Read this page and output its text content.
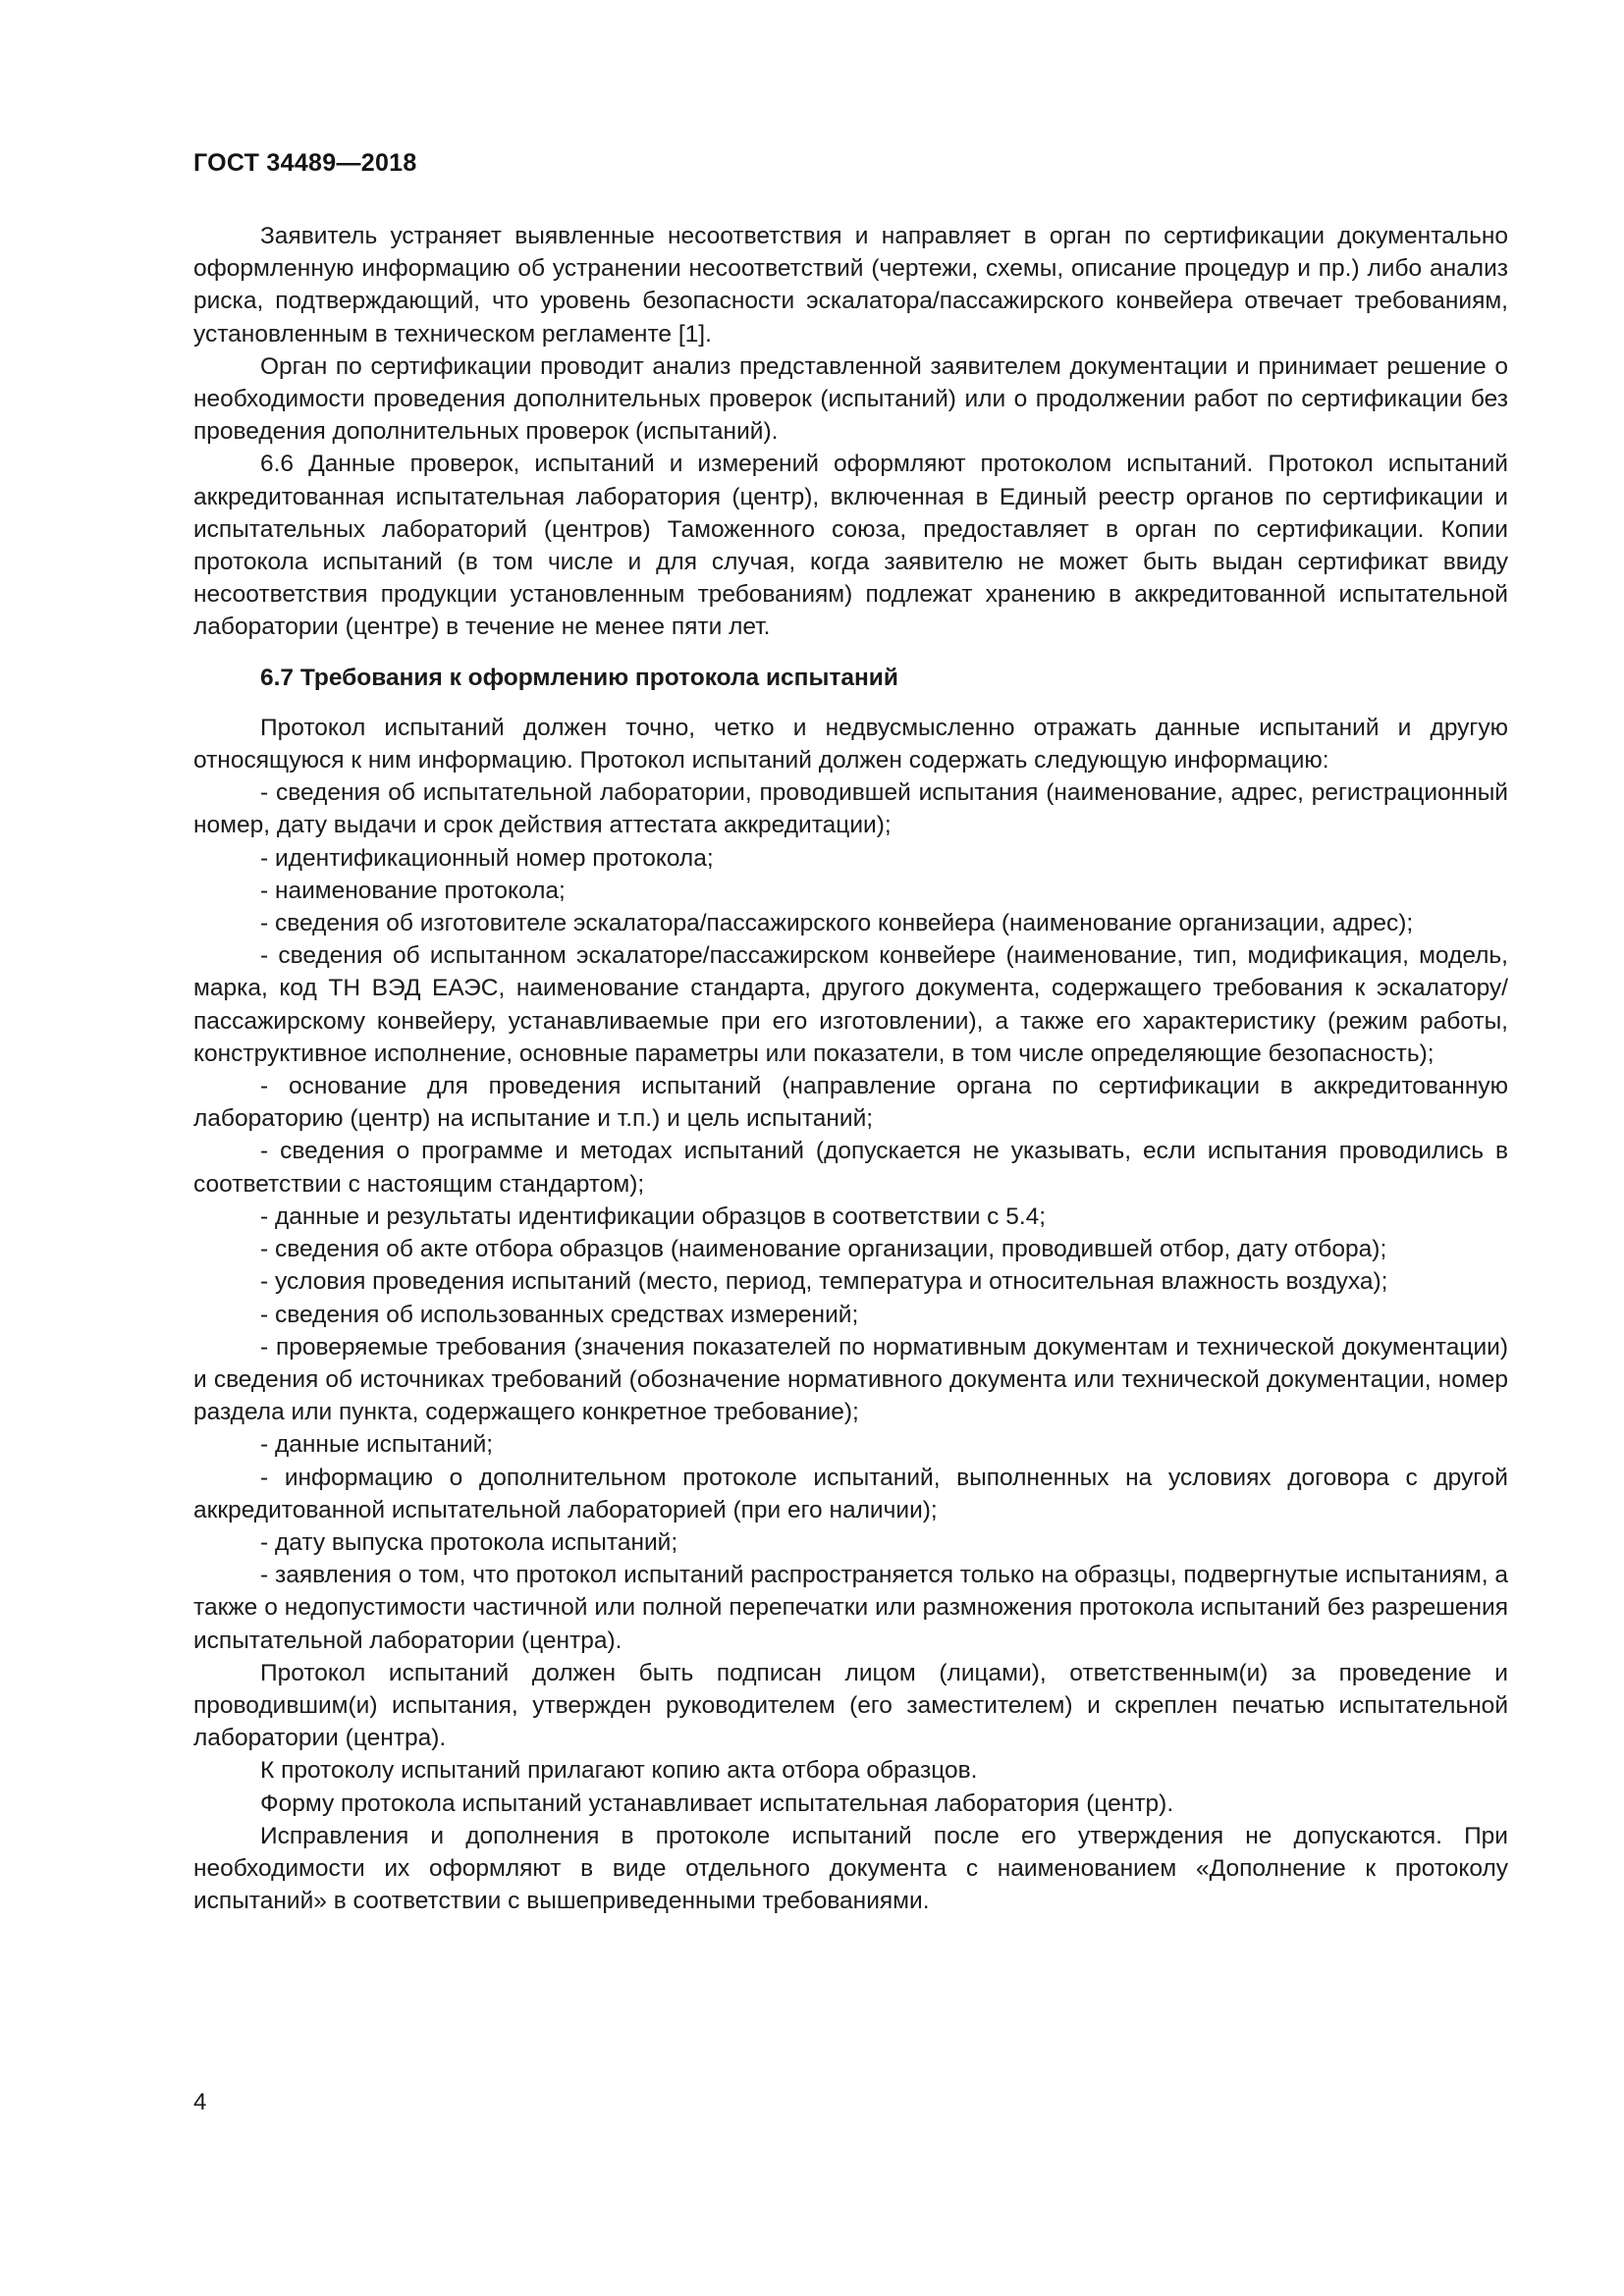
ГОСТ 34489—2018

Заявитель устраняет выявленные несоответствия и направляет в орган по сертификации документально оформленную информацию об устранении несоответствий (чертежи, схемы, описание процедур и пр.) либо анализ риска, подтверждающий, что уровень безопасности эскалатора/пассажирского конвейера отвечает требованиям, установленным в техническом регламенте [1].

Орган по сертификации проводит анализ представленной заявителем документации и принимает решение о необходимости проведения дополнительных проверок (испытаний) или о продолжении работ по сертификации без проведения дополнительных проверок (испытаний).

6.6 Данные проверок, испытаний и измерений оформляют протоколом испытаний. Протокол испытаний аккредитованная испытательная лаборатория (центр), включенная в Единый реестр органов по сертификации и испытательных лабораторий (центров) Таможенного союза, предоставляет в орган по сертификации. Копии протокола испытаний (в том числе и для случая, когда заявителю не может быть выдан сертификат ввиду несоответствия продукции установленным требованиям) подлежат хранению в аккредитованной испытательной лаборатории (центре) в течение не менее пяти лет.

6.7 Требования к оформлению протокола испытаний

Протокол испытаний должен точно, четко и недвусмысленно отражать данные испытаний и другую относящуюся к ним информацию. Протокол испытаний должен содержать следующую информацию:

- сведения об испытательной лаборатории, проводившей испытания (наименование, адрес, регистрационный номер, дату выдачи и срок действия аттестата аккредитации);

- идентификационный номер протокола;

- наименование протокола;

- сведения об изготовителе эскалатора/пассажирского конвейера (наименование организации, адрес);

- сведения об испытанном эскалаторе/пассажирском конвейере (наименование, тип, модификация, модель, марка, код ТН ВЭД ЕАЭС, наименование стандарта, другого документа, содержащего требования к эскалатору/пассажирскому конвейеру, устанавливаемые при его изготовлении), а также его характеристику (режим работы, конструктивное исполнение, основные параметры или показатели, в том числе определяющие безопасность);

- основание для проведения испытаний (направление органа по сертификации в аккредитованную лабораторию (центр) на испытание и т.п.) и цель испытаний;

- сведения о программе и методах испытаний (допускается не указывать, если испытания проводились в соответствии с настоящим стандартом);

- данные и результаты идентификации образцов в соответствии с 5.4;

- сведения об акте отбора образцов (наименование организации, проводившей отбор, дату отбора);

- условия проведения испытаний (место, период, температура и относительная влажность воздуха);

- сведения об использованных средствах измерений;

- проверяемые требования (значения показателей по нормативным документам и технической документации) и сведения об источниках требований (обозначение нормативного документа или технической документации, номер раздела или пункта, содержащего конкретное требование);

- данные испытаний;

- информацию о дополнительном протоколе испытаний, выполненных на условиях договора с другой аккредитованной испытательной лабораторией (при его наличии);

- дату выпуска протокола испытаний;

- заявления о том, что протокол испытаний распространяется только на образцы, подвергнутые испытаниям, а также о недопустимости частичной или полной перепечатки или размножения протокола испытаний без разрешения испытательной лаборатории (центра).

Протокол испытаний должен быть подписан лицом (лицами), ответственным(и) за проведение и проводившим(и) испытания, утвержден руководителем (его заместителем) и скреплен печатью испытательной лаборатории (центра).

К протоколу испытаний прилагают копию акта отбора образцов.

Форму протокола испытаний устанавливает испытательная лаборатория (центр).

Исправления и дополнения в протоколе испытаний после его утверждения не допускаются. При необходимости их оформляют в виде отдельного документа с наименованием «Дополнение к протоколу испытаний» в соответствии с вышеприведенными требованиями.

4
